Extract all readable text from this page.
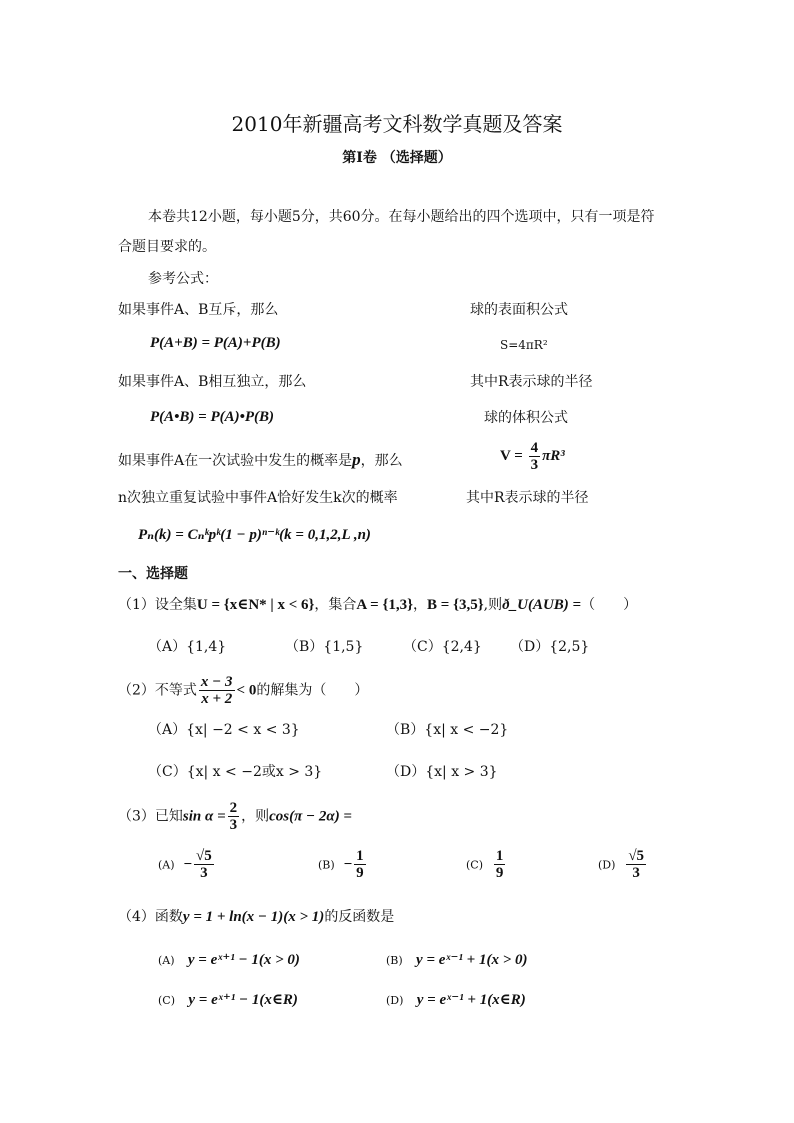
2010年新疆高考文科数学真题及答案
第Ⅰ卷 （选择题）
本卷共12小题，每小题5分，共60分。在每小题给出的四个选项中，只有一项是符
合题目要求的。
参考公式：
如果事件A、B互斥，那么	球的表面积公式
P(A+B) = P(A)+P(B)	S=4πR²
如果事件A、B相互独立，那么	其中R表示球的半径
P(A•B) = P(A)•P(B)	球的体积公式
如果事件A在一次试验中发生的概率是p，那么	$V = \frac{4}{3} \pi R^3$
n次独立重复试验中事件A恰好发生k次的概率	其中R表示球的半径
Pₙ(k) = Cₙᵏpᵏ(1 − p)ⁿ⁻ᵏ(k = 0,1,2,L ,n)
一、选择题
（1）设全集U = {x∈N* | x < 6}，集合A = {1,3}，B = {3,5},则ð_U(AUB) =（　　）
（A）{1,4}	（B）{1,5}	（C）{2,4} （D）{2,5}
（2）不等式 $\frac{x - 3}{x + 2} < 0$的解集为（　　）
（A）{x| −2 < x < 3}	（B）{x| x < −2}
（C）{x| x < −2或x > 3}	（D）{x| x > 3}
（3）已知$\sin \alpha = \frac{2}{3}$ ，则cos(π − 2α) =
$(A) - \frac{√5}{3}$	$(B) - \frac{1}{9}$	$(C) \frac{1}{9}$	$(D) \frac{√5}{3}$
（4）函数y = 1 + ln(x − 1)(x > 1)的反函数是
(A) y = eˣ⁺¹ − 1(x > 0)	(B) y = eˣ⁻¹ + 1(x > 0)
(C) y = eˣ⁺¹ − 1(x∈R)	(D) y = eˣ⁻¹ + 1(x∈R)
